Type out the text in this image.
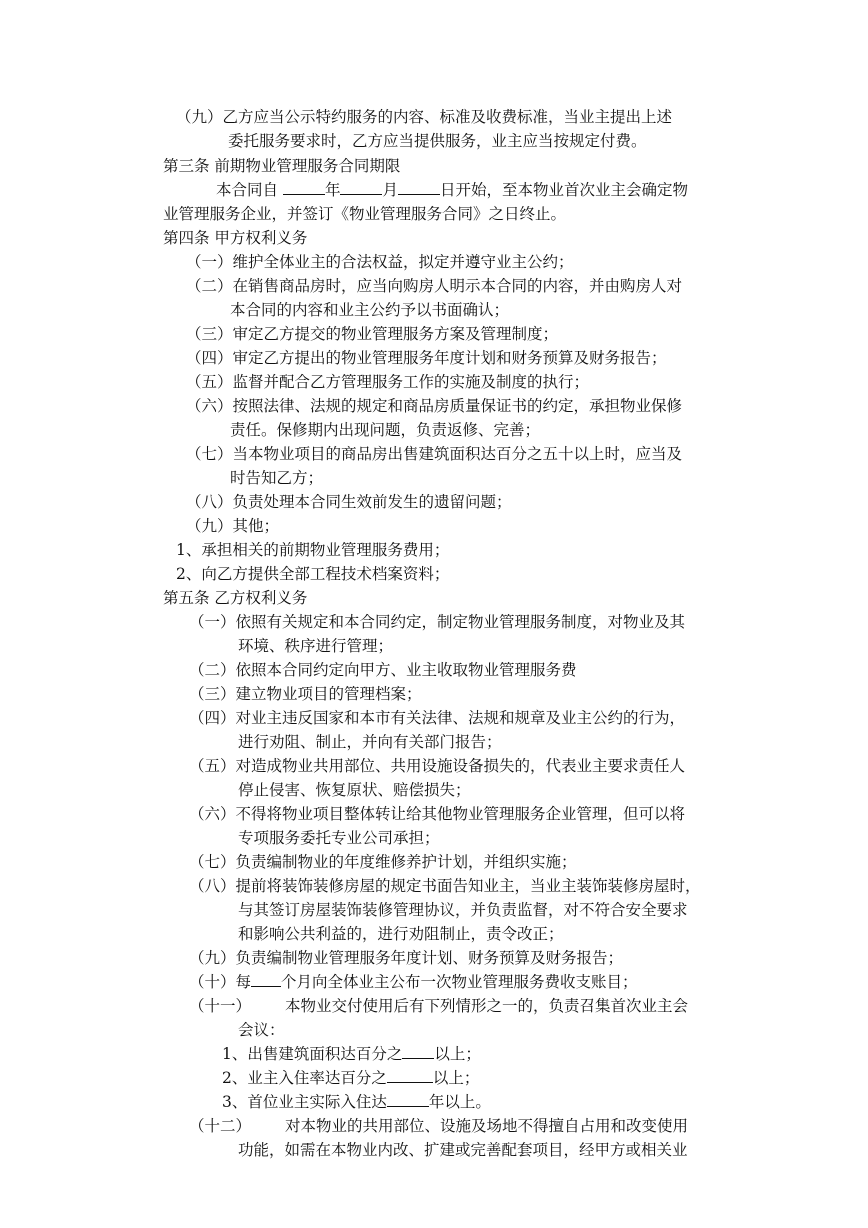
（九）乙方应当公示特约服务的内容、标准及收费标准，当业主提出上述
委托服务要求时，乙方应当提供服务，业主应当按规定付费。
第三条 前期物业管理服务合同期限
本合同自	年	月	日开始，至本物业首次业主会确定物
业管理服务企业，并签订《物业管理服务合同》之日终止。
第四条 甲方权利义务
（一）维护全体业主的合法权益，拟定并遵守业主公约；
（二）在销售商品房时，应当向购房人明示本合同的内容，并由购房人对
本合同的内容和业主公约予以书面确认；
（三）审定乙方提交的物业管理服务方案及管理制度；
（四）审定乙方提出的物业管理服务年度计划和财务预算及财务报告；
（五）监督并配合乙方管理服务工作的实施及制度的执行；
（六）按照法律、法规的规定和商品房质量保证书的约定，承担物业保修
责任。保修期内出现问题，负责返修、完善；
（七）当本物业项目的商品房出售建筑面积达百分之五十以上时，应当及
时告知乙方；
（八）负责处理本合同生效前发生的遗留问题；
（九）其他；
1、承担相关的前期物业管理服务费用；
2、向乙方提供全部工程技术档案资料；
第五条 乙方权利义务
（一）依照有关规定和本合同约定，制定物业管理服务制度，对物业及其
环境、秩序进行管理；
（二）依照本合同约定向甲方、业主收取物业管理服务费
（三）建立物业项目的管理档案；
（四）对业主违反国家和本市有关法律、法规和规章及业主公约的行为，
进行劝阻、制止，并向有关部门报告；
（五）对造成物业共用部位、共用设施设备损失的，代表业主要求责任人
停止侵害、恢复原状、赔偿损失；
（六）不得将物业项目整体转让给其他物业管理服务企业管理，但可以将
专项服务委托专业公司承担；
（七）负责编制物业的年度维修养护计划，并组织实施；
（八）提前将装饰装修房屋的规定书面告知业主，当业主装饰装修房屋时，
与其签订房屋装饰装修管理协议，并负责监督，对不符合安全要求
和影响公共利益的，进行劝阻制止，责令改正；
（九）负责编制物业管理服务年度计划、财务预算及财务报告；
（十）每 个月向全体业主公布一次物业管理服务费收支账目；
（十一） 本物业交付使用后有下列情形之一的，负责召集首次业主会
会议：
1、出售建筑面积达百分之 以上；
2、业主入住率达百分之	以上；
3、首位业主实际入住达	年以上。
（十二） 对本物业的共用部位、设施及场地不得擅自占用和改变使用
功能，如需在本物业内改、扩建或完善配套项目，经甲方或相关业
